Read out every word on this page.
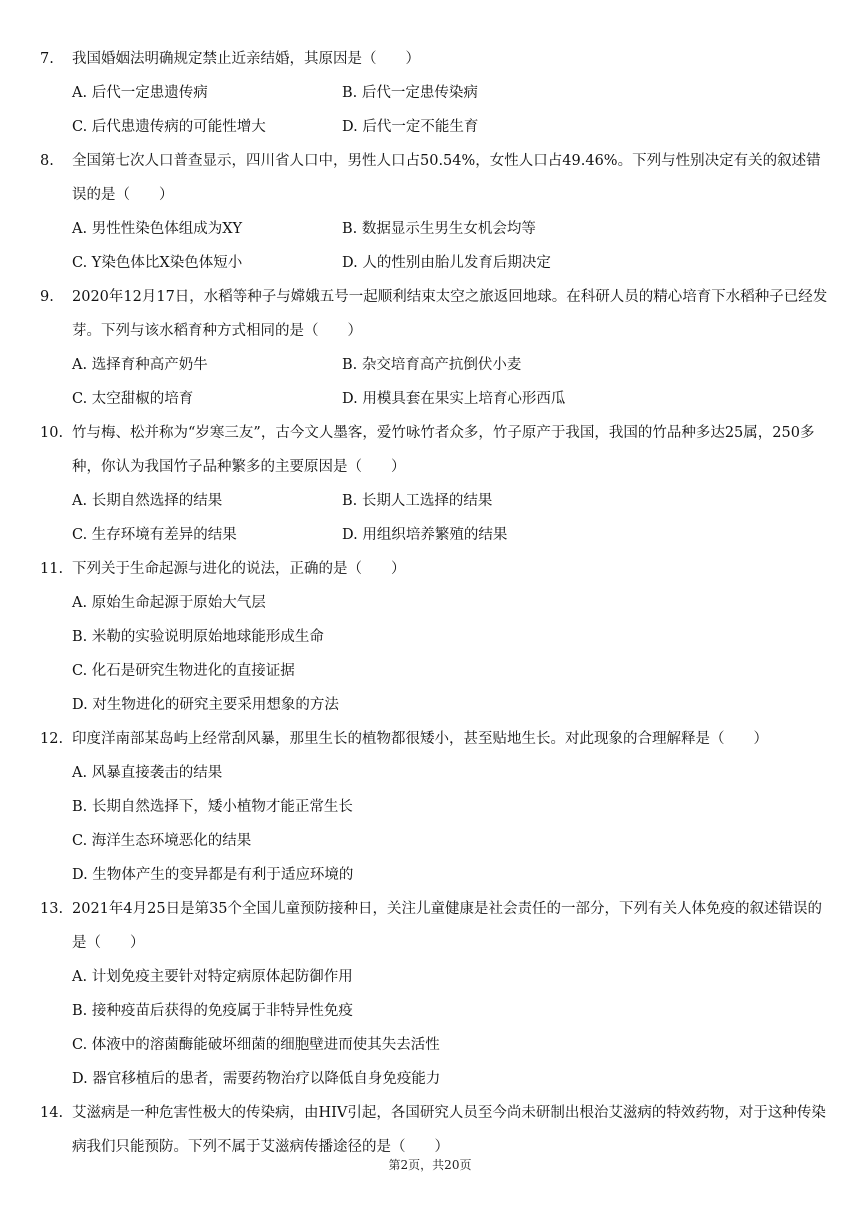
7.	我国婚姻法明确规定禁止近亲结婚，其原因是（　　）
A. 后代一定患遗传病	B. 后代一定患传染病
C. 后代患遗传病的可能性增大	D. 后代一定不能生育
8.	全国第七次人口普查显示，四川省人口中，男性人口占50.54%，女性人口占49.46%。下列与性别决定有关的叙述错误的是（　　）
A. 男性性染色体组成为XY	B. 数据显示生男生女机会均等
C. Y染色体比X染色体短小	D. 人的性别由胎儿发育后期决定
9.	2020年12月17日，水稻等种子与嫦娥五号一起顺利结束太空之旅返回地球。在科研人员的精心培育下水稻种子已经发芽。下列与该水稻育种方式相同的是（　　）
A. 选择育种高产奶牛	B. 杂交培育高产抗倒伏小麦
C. 太空甜椒的培育	D. 用模具套在果实上培育心形西瓜
10. 竹与梅、松并称为“岁寒三友”，古今文人墨客，爱竹咏竹者众多，竹子原产于我国，我国的竹品种多达25属，250多种，你认为我国竹子品种繁多的主要原因是（　　）
A. 长期自然选择的结果	B. 长期人工选择的结果
C. 生存环境有差异的结果	D. 用组织培养繁殖的结果
11. 下列关于生命起源与进化的说法，正确的是（　　）
A. 原始生命起源于原始大气层
B. 米勒的实验说明原始地球能形成生命
C. 化石是研究生物进化的直接证据
D. 对生物进化的研究主要采用想象的方法
12. 印度洋南部某岛屿上经常刮风暴，那里生长的植物都很矮小，甚至贴地生长。对此现象的合理解释是（　　）
A. 风暴直接袭击的结果
B. 长期自然选择下，矮小植物才能正常生长
C. 海洋生态环境恶化的结果
D. 生物体产生的变异都是有利于适应环境的
13. 2021年4月25日是第35个全国儿童预防接种日，关注儿童健康是社会责任的一部分，下列有关人体免疫的叙述错误的是（　　）
A. 计划免疫主要针对特定病原体起防御作用
B. 接种疫苗后获得的免疫属于非特异性免疫
C. 体液中的溶菌酶能破坏细菌的细胞壁进而使其失去活性
D. 器官移植后的患者，需要药物治疗以降低自身免疫能力
14. 艾滋病是一种危害性极大的传染病，由HIV引起，各国研究人员至今尚未研制出根治艾滋病的特效药物，对于这种传染病我们只能预防。下列不属于艾滋病传播途径的是（　　）
第2页，共20页
